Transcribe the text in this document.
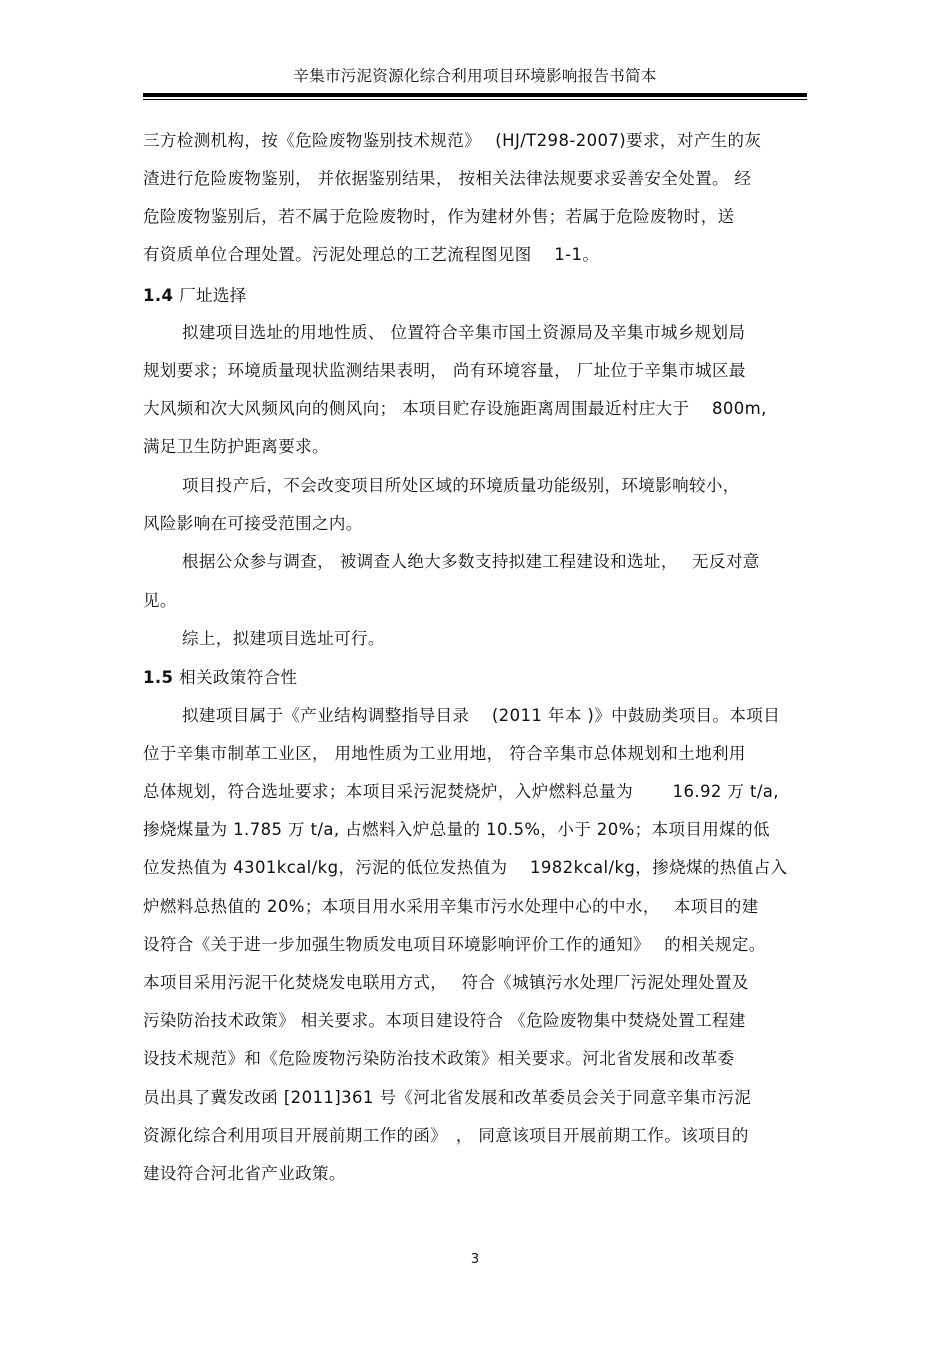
辛集市污泥资源化综合利用项目环境影响报告书简本
三方检测机构，按《危险废物鉴别技术规范》　 (HJ/T298-2007)要求，对产生的灰
渣进行危险废物鉴别， 并依据鉴别结果， 按相关法律法规要求妥善安全处置。 经
危险废物鉴别后，若不属于危险废物时，作为建材外售；若属于危险废物时，送
有资质单位合理处置。污泥处理总的工艺流程图见图　 1-1。
1.4 厂址选择
拟建项目选址的用地性质、 位置符合辛集市国土资源局及辛集市城乡规划局
规划要求；环境质量现状监测结果表明， 尚有环境容量， 厂址位于辛集市城区最
大风频和次大风频风向的侧风向； 本项目贮存设施距离周围最近村庄大于　 800m,
满足卫生防护距离要求。
项目投产后，不会改变项目所处区域的环境质量功能级别，环境影响较小，
风险影响在可接受范围之内。
根据公众参与调查， 被调查人绝大多数支持拟建工程建设和选址，　 无反对意
见。
综上，拟建项目选址可行。
1.5 相关政策符合性
拟建项目属于《产业结构调整指导目录　 (2011 年本 )》中鼓励类项目。本项目
位于辛集市制革工业区， 用地性质为工业用地， 符合辛集市总体规划和土地利用
总体规划，符合选址要求；本项目采污泥焚烧炉，入炉燃料总量为　　 16.92 万 t/a,
掺烧煤量为 1.785 万 t/a, 占燃料入炉总量的 10.5%，小于 20%；本项目用煤的低
位发热值为 4301kcal/kg，污泥的低位发热值为　 1982kcal/kg，掺烧煤的热值占入
炉燃料总热值的 20%；本项目用水采用辛集市污水处理中心的中水，　 本项目的建
设符合《关于进一步加强生物质发电项目环境影响评价工作的通知》　 的相关规定。
本项目采用污泥干化焚烧发电联用方式，　 符合《城镇污水处理厂污泥处理处置及
污染防治技术政策》 相关要求。本项目建设符合 《危险废物集中焚烧处置工程建
设技术规范》和《危险废物污染防治技术政策》相关要求。河北省发展和改革委
员出具了冀发改函 [2011]361 号《河北省发展和改革委员会关于同意辛集市污泥
资源化综合利用项目开展前期工作的函》　， 同意该项目开展前期工作。该项目的
建设符合河北省产业政策。
3
